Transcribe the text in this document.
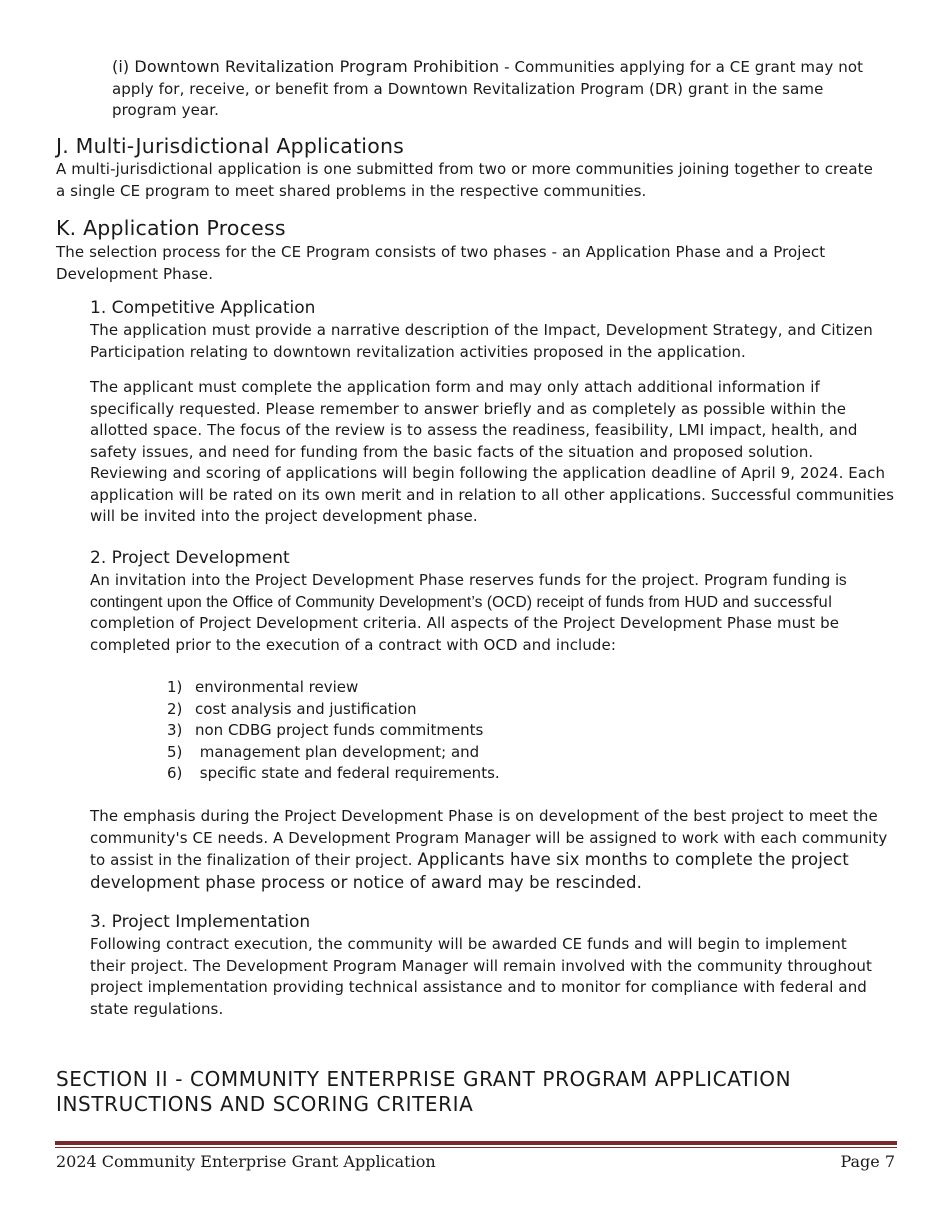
(i) Downtown Revitalization Program Prohibition - Communities applying for a CE grant may not apply for, receive, or benefit from a Downtown Revitalization Program (DR) grant in the same program year.

J. Multi-Jurisdictional Applications

A multi-jurisdictional application is one submitted from two or more communities joining together to create a single CE program to meet shared problems in the respective communities.

K. Application Process

The selection process for the CE Program consists of two phases - an Application Phase and a Project Development Phase.

1. Competitive Application

The application must provide a narrative description of the Impact, Development Strategy, and Citizen Participation relating to downtown revitalization activities proposed in the application.

The applicant must complete the application form and may only attach additional information if specifically requested. Please remember to answer briefly and as completely as possible within the allotted space. The focus of the review is to assess the readiness, feasibility, LMI impact, health, and safety issues, and need for funding from the basic facts of the situation and proposed solution. Reviewing and scoring of applications will begin following the application deadline of April 9, 2024. Each application will be rated on its own merit and in relation to all other applications. Successful communities will be invited into the project development phase.

2. Project Development

An invitation into the Project Development Phase reserves funds for the project. Program funding is contingent upon the Office of Community Development’s (OCD) receipt of funds from HUD and successful completion of Project Development criteria. All aspects of the Project Development Phase must be completed prior to the execution of a contract with OCD and include:

1) environmental review
2) cost analysis and justification
3) non CDBG project funds commitments
5) management plan development; and
6) specific state and federal requirements.

The emphasis during the Project Development Phase is on development of the best project to meet the community's CE needs. A Development Program Manager will be assigned to work with each community to assist in the finalization of their project. Applicants have six months to complete the project development phase process or notice of award may be rescinded.

3. Project Implementation

Following contract execution, the community will be awarded CE funds and will begin to implement their project. The Development Program Manager will remain involved with the community throughout project implementation providing technical assistance and to monitor for compliance with federal and state regulations.

SECTION II - COMMUNITY ENTERPRISE GRANT PROGRAM APPLICATION INSTRUCTIONS AND SCORING CRITERIA
2024 Community Enterprise Grant Application	Page 7
